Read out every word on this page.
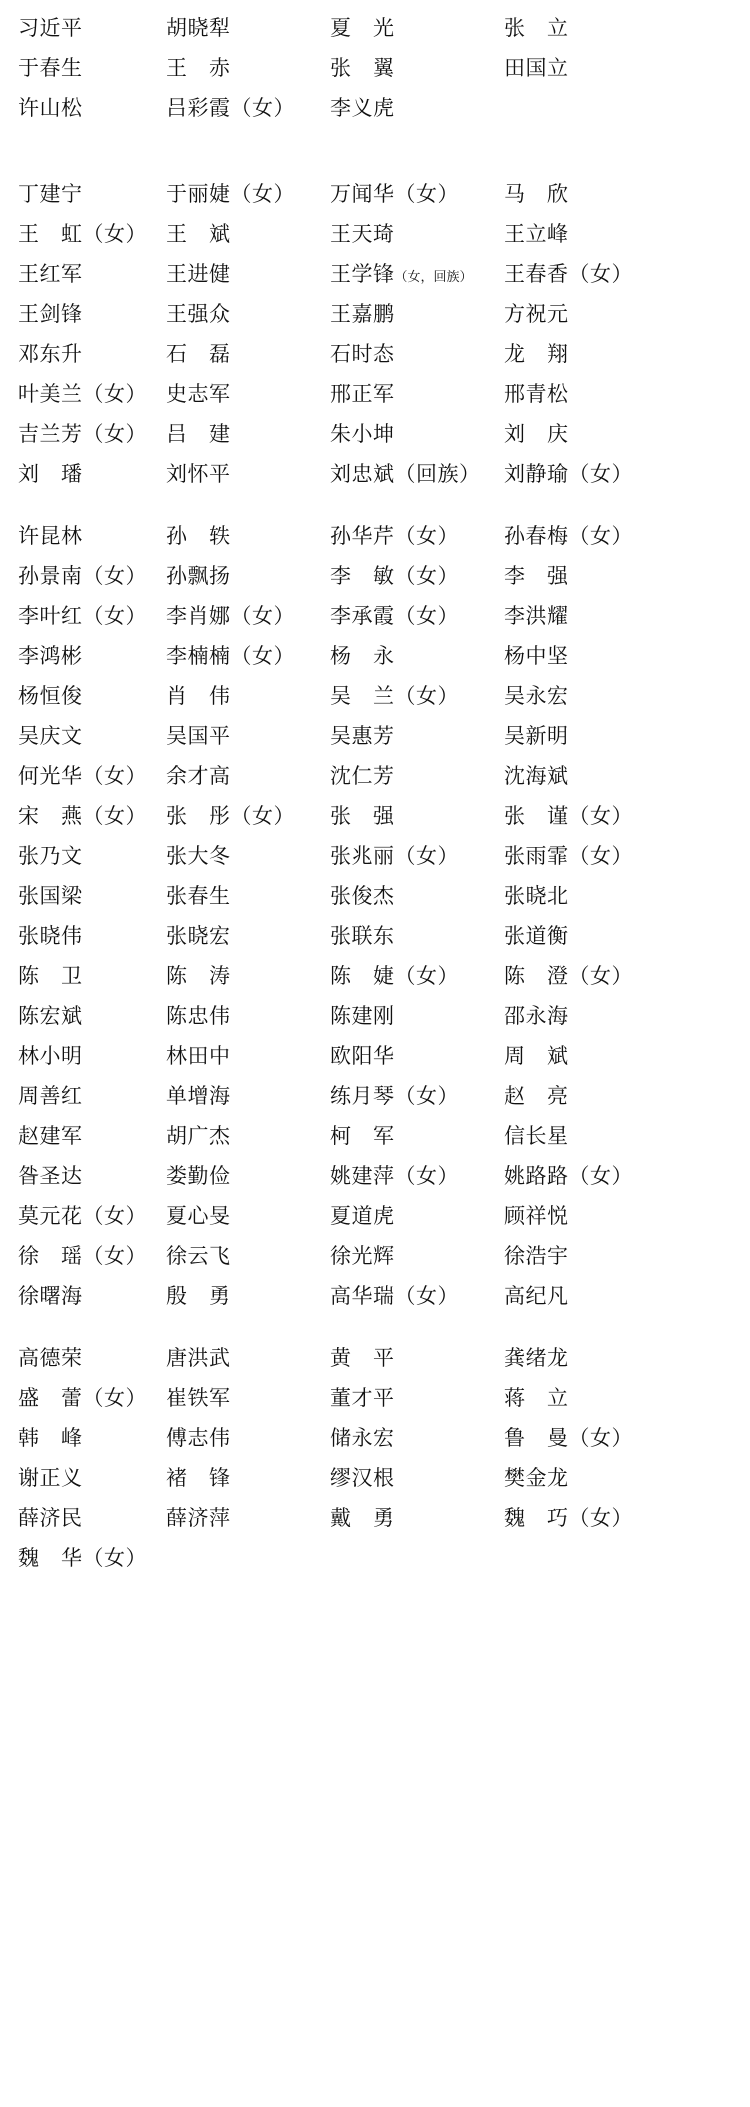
习近平	胡晓犁	夏　光	张　立
于春生	王　赤	张　翼	田国立
许山松	吕彩霞（女）	李义虎
丁建宁	于丽婕（女）	万闻华（女）	马　欣
王　虹（女） 王　斌	王天琦	王立峰
王红军	王进健	王学锋（女，回族）	王春香（女）
王剑锋	王强众	王嘉鹏	方祝元
邓东升	石　磊	石时态	龙　翔
叶美兰（女） 史志军	邢正军	邢青松
吉兰芳（女） 吕　建	朱小坤	刘　庆
刘　璠	刘怀平	刘忠斌（回族）	刘静瑜（女）
许昆林	孙　轶	孙华芹（女）	孙春梅（女）
孙景南（女） 孙飘扬	李　敏（女）	李　强
李叶红（女） 李肖娜（女）	李承霞（女）	李洪耀
李鸿彬	李楠楠（女）	杨　永	杨中坚
杨恒俊	肖　伟	吴　兰（女）	吴永宏
吴庆文	吴国平	吴惠芳	吴新明
何光华（女） 余才高	沈仁芳	沈海斌
宋　燕（女） 张　彤（女）	张　强	张　谨（女）
张乃文	张大冬	张兆丽（女）	张雨霏（女）
张国梁	张春生	张俊杰	张晓北
张晓伟	张晓宏	张联东	张道衡
陈　卫	陈　涛	陈　婕（女）	陈　澄（女）
陈宏斌	陈忠伟	陈建刚	邵永海
林小明	林田中	欧阳华	周　斌
周善红	单增海	练月琴（女）	赵　亮
赵建军	胡广杰	柯　军	信长星
昝圣达	娄勤俭	姚建萍（女）	姚路路（女）
莫元花（女） 夏心旻	夏道虎	顾祥悦
徐　瑶（女） 徐云飞	徐光辉	徐浩宇
徐曙海	殷　勇	高华瑞（女）	高纪凡
高德荣	唐洪武	黄　平	龚绪龙
盛　蕾（女） 崔铁军	董才平	蒋　立
韩　峰	傅志伟	储永宏	鲁　曼（女）
谢正义	褚　锋	缪汉根	樊金龙
薛济民	薛济萍	戴　勇	魏　巧（女）
魏　华（女）
